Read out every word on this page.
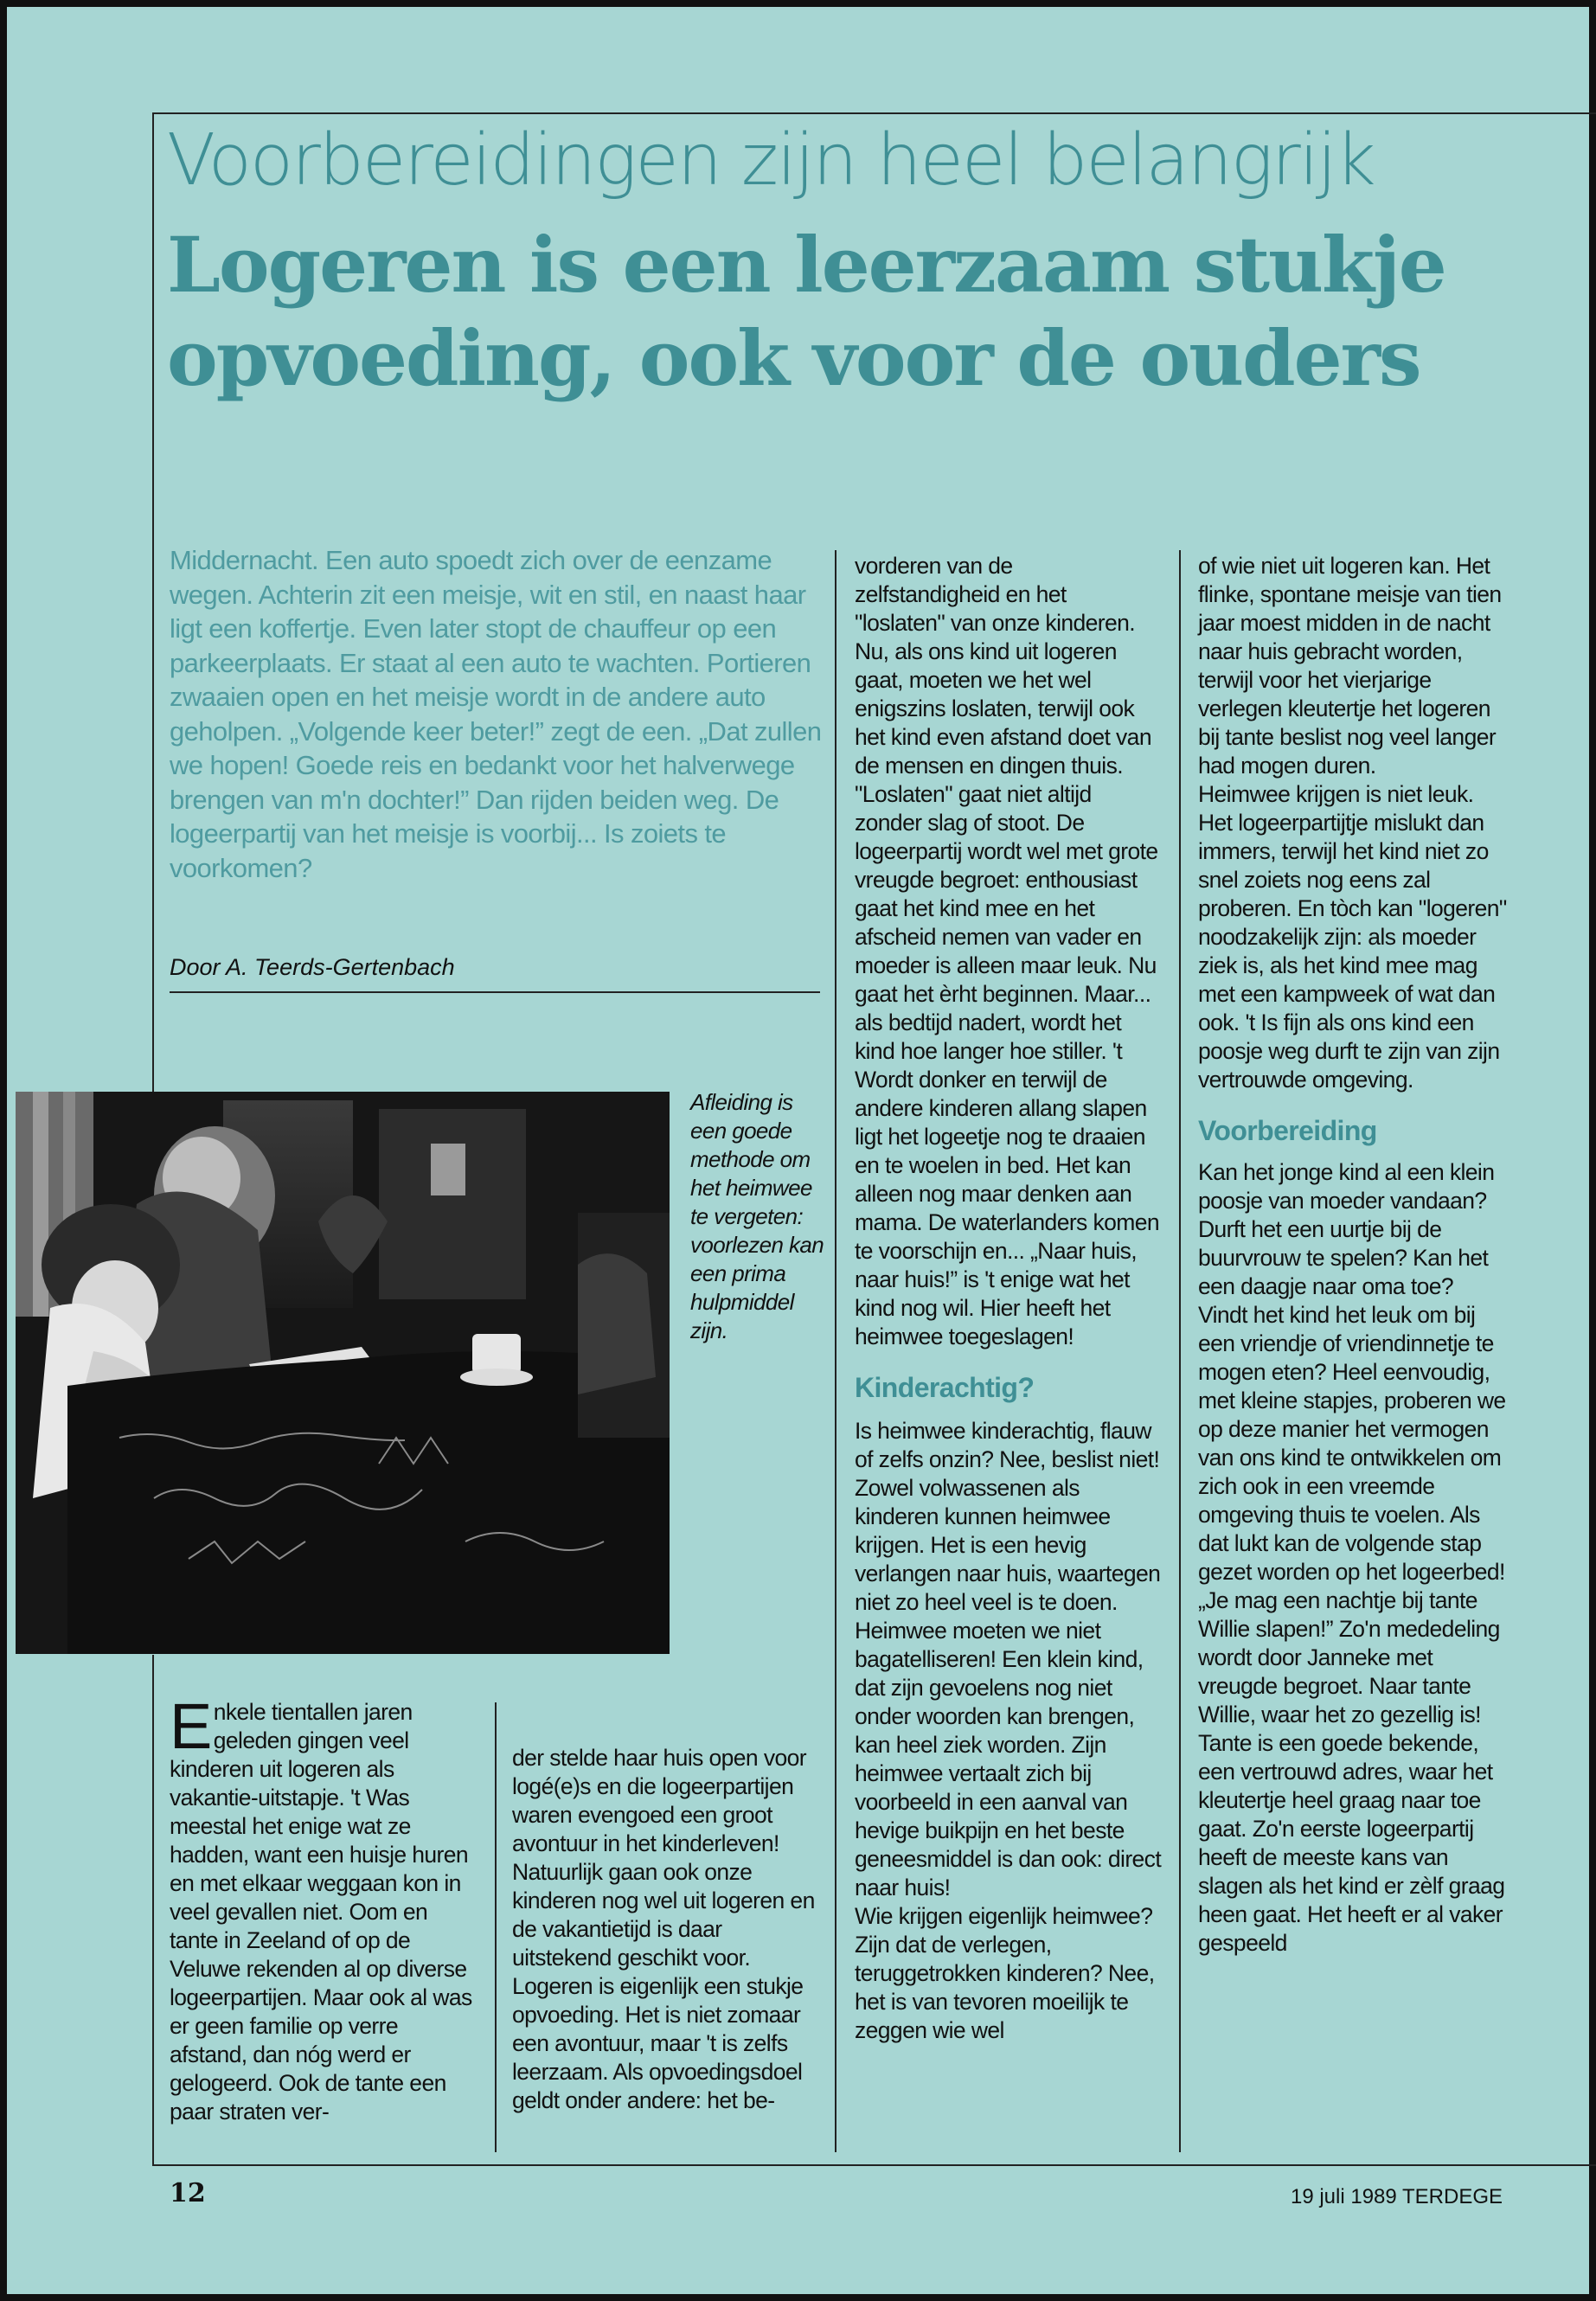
Voorbereidingen zijn heel belangrijk
Logeren is een leerzaam stukje
opvoeding, ook voor de ouders
Middernacht. Een auto spoedt zich over de eenzame wegen. Achterin zit een meisje, wit en stil, en naast haar ligt een koffertje. Even later stopt de chauffeur op een parkeerplaats. Er staat al een auto te wachten. Portieren zwaaien open en het meisje wordt in de andere auto geholpen. „Volgende keer beter!” zegt de een. „Dat zullen we hopen! Goede reis en bedankt voor het halverwege brengen van m'n dochter!” Dan rijden beiden weg. De logeerpartij van het meisje is voorbij... Is zoiets te voorkomen?
Door A. Teerds-Gertenbach
Afleiding is een goede methode om het heimwee te vergeten: voorlezen kan een prima hulpmiddel zijn.
Enkele tientallen jaren geleden gingen veel kinderen uit logeren als vakantie-uitstapje. 't Was meestal het enige wat ze hadden, want een huisje huren en met elkaar weggaan kon in veel gevallen niet. Oom en tante in Zeeland of op de Veluwe rekenden al op diverse logeerpartijen. Maar ook al was er geen familie op verre afstand, dan nóg werd er gelogeerd. Ook de tante een paar straten ver-

der stelde haar huis open voor logé(e)s en die logeerpartijen waren evengoed een groot avontuur in het kinderleven!
Natuurlijk gaan ook onze kinderen nog wel uit logeren en de vakantietijd is daar uitstekend geschikt voor. Logeren is eigenlijk een stukje opvoeding. Het is niet zomaar een avontuur, maar 't is zelfs leerzaam. Als opvoedingsdoel geldt onder andere: het be-

vorderen van de zelfstandigheid en het "loslaten" van onze kinderen. Nu, als ons kind uit logeren gaat, moeten we het wel enigszins loslaten, terwijl ook het kind even afstand doet van de mensen en dingen thuis. "Loslaten" gaat niet altijd zonder slag of stoot. De logeerpartij wordt wel met grote vreugde begroet: enthousiast gaat het kind mee en het afscheid nemen van vader en moeder is alleen maar leuk. Nu gaat het èrht beginnen. Maar... als bedtijd nadert, wordt het kind hoe langer hoe stiller. 't Wordt donker en terwijl de andere kinderen allang slapen ligt het logeetje nog te draaien en te woelen in bed. Het kan alleen nog maar denken aan mama. De waterlanders komen te voorschijn en... „Naar huis, naar huis!” is 't enige wat het kind nog wil. Hier heeft het heimwee toegeslagen!

Kinderachtig?

Is heimwee kinderachtig, flauw of zelfs onzin? Nee, beslist niet! Zowel volwassenen als kinderen kunnen heimwee krijgen. Het is een hevig verlangen naar huis, waartegen niet zo heel veel is te doen. Heimwee moeten we niet bagatelliseren! Een klein kind, dat zijn gevoelens nog niet onder woorden kan brengen, kan heel ziek worden. Zijn heimwee vertaalt zich bij voorbeeld in een aanval van hevige buikpijn en het beste geneesmiddel is dan ook: direct naar huis!
Wie krijgen eigenlijk heimwee? Zijn dat de verlegen, teruggetrokken kinderen? Nee, het is van tevoren moeilijk te zeggen wie wel

of wie niet uit logeren kan. Het flinke, spontane meisje van tien jaar moest midden in de nacht naar huis gebracht worden, terwijl voor het vierjarige verlegen kleutertje het logeren bij tante beslist nog veel langer had mogen duren.
Heimwee krijgen is niet leuk. Het logeerpartijtje mislukt dan immers, terwijl het kind niet zo snel zoiets nog eens zal proberen. En tòch kan "logeren" noodzakelijk zijn: als moeder ziek is, als het kind mee mag met een kampweek of wat dan ook. 't Is fijn als ons kind een poosje weg durft te zijn van zijn vertrouwde omgeving.

Voorbereiding

Kan het jonge kind al een klein poosje van moeder vandaan? Durft het een uurtje bij de buurvrouw te spelen? Kan het een daagje naar oma toe? Vindt het kind het leuk om bij een vriendje of vriendinnetje te mogen eten? Heel eenvoudig, met kleine stapjes, proberen we op deze manier het vermogen van ons kind te ontwikkelen om zich ook in een vreemde omgeving thuis te voelen. Als dat lukt kan de volgende stap gezet worden op het logeerbed!
„Je mag een nachtje bij tante Willie slapen!” Zo'n mededeling wordt door Janneke met vreugde begroet. Naar tante Willie, waar het zo gezellig is! Tante is een goede bekende, een vertrouwd adres, waar het kleutertje heel graag naar toe gaat. Zo'n eerste logeerpartij heeft de meeste kans van slagen als het kind er zèlf graag heen gaat. Het heeft er al vaker gespeeld

12	19 juli 1989 TERDEGE
